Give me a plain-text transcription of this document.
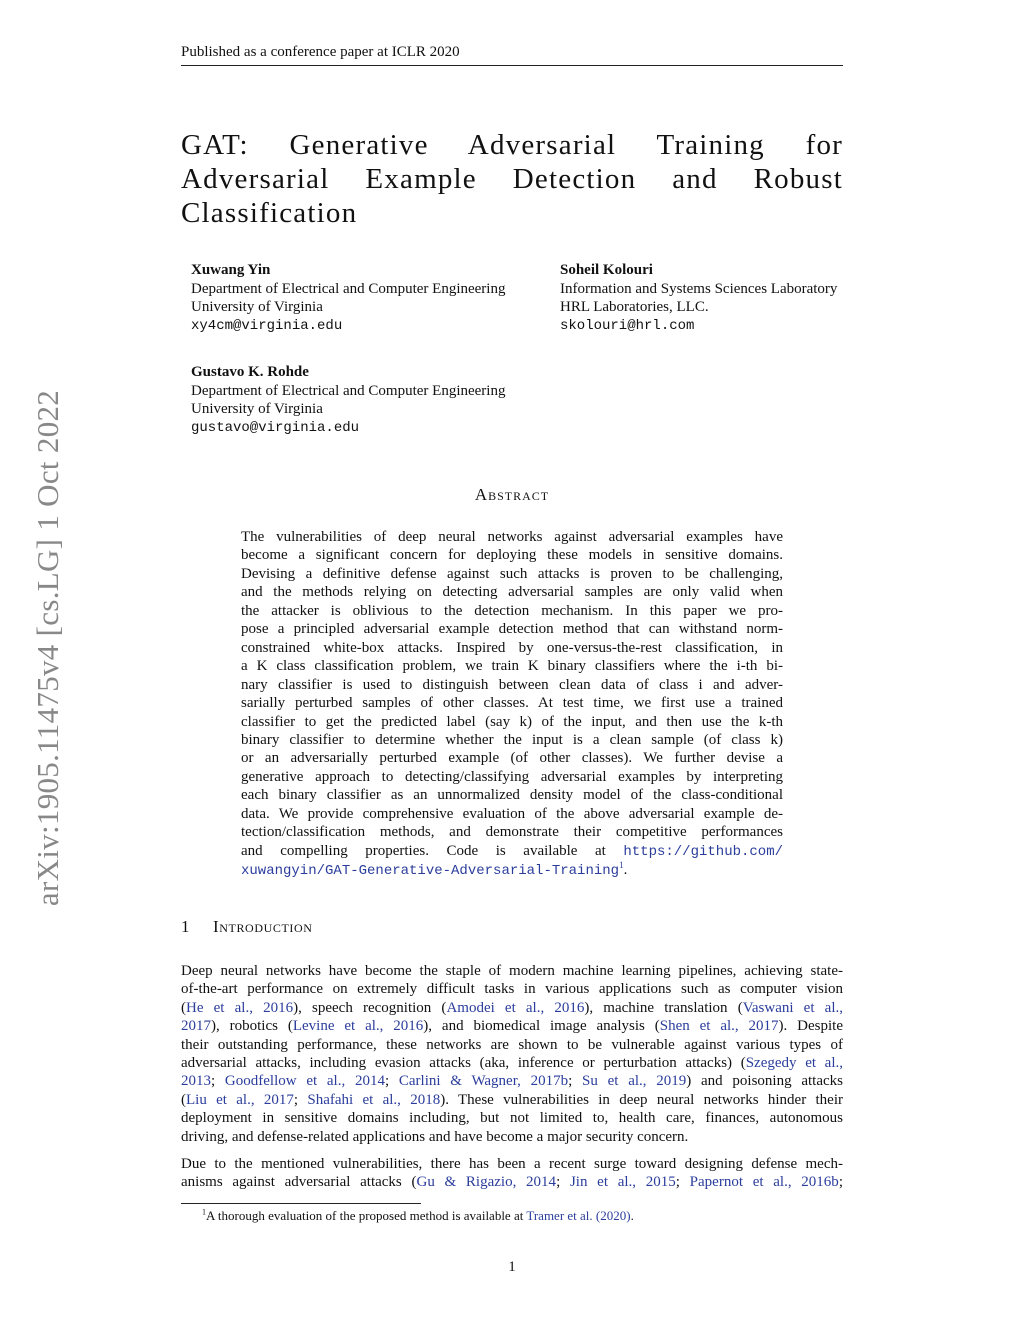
Published as a conference paper at ICLR 2020
arXiv:1905.11475v4 [cs.LG] 1 Oct 2022
GAT: Generative Adversarial Training for
Adversarial Example Detection and Robust
Classification
Xuwang Yin
Department of Electrical and Computer Engineering
University of Virginia
xy4cm@virginia.edu
Soheil Kolouri
Information and Systems Sciences Laboratory
HRL Laboratories, LLC.
skolouri@hrl.com
Gustavo K. Rohde
Department of Electrical and Computer Engineering
University of Virginia
gustavo@virginia.edu
Abstract
The vulnerabilities of deep neural networks against adversarial examples have
become a significant concern for deploying these models in sensitive domains.
Devising a definitive defense against such attacks is proven to be challenging,
and the methods relying on detecting adversarial samples are only valid when
the attacker is oblivious to the detection mechanism. In this paper we pro-
pose a principled adversarial example detection method that can withstand norm-
constrained white-box attacks. Inspired by one-versus-the-rest classification, in
a K class classification problem, we train K binary classifiers where the i-th bi-
nary classifier is used to distinguish between clean data of class i and adver-
sarially perturbed samples of other classes. At test time, we first use a trained
classifier to get the predicted label (say k) of the input, and then use the k-th
binary classifier to determine whether the input is a clean sample (of class k)
or an adversarially perturbed example (of other classes). We further devise a
generative approach to detecting/classifying adversarial examples by interpreting
each binary classifier as an unnormalized density model of the class-conditional
data. We provide comprehensive evaluation of the above adversarial example de-
tection/classification methods, and demonstrate their competitive performances
and compelling properties. Code is available at https://github.com/
xuwangyin/GAT-Generative-Adversarial-Training$^1$.
1 Introduction
Deep neural networks have become the staple of modern machine learning pipelines, achieving state-
of-the-art performance on extremely difficult tasks in various applications such as computer vision
(He et al., 2016), speech recognition (Amodei et al., 2016), machine translation (Vaswani et al.,
2017), robotics (Levine et al., 2016), and biomedical image analysis (Shen et al., 2017). Despite
their outstanding performance, these networks are shown to be vulnerable against various types of
adversarial attacks, including evasion attacks (aka, inference or perturbation attacks) (Szegedy et al.,
2013; Goodfellow et al., 2014; Carlini & Wagner, 2017b; Su et al., 2019) and poisoning attacks
(Liu et al., 2017; Shafahi et al., 2018). These vulnerabilities in deep neural networks hinder their
deployment in sensitive domains including, but not limited to, health care, finances, autonomous
driving, and defense-related applications and have become a major security concern.
Due to the mentioned vulnerabilities, there has been a recent surge toward designing defense mech-
anisms against adversarial attacks (Gu & Rigazio, 2014; Jin et al., 2015; Papernot et al., 2016b;
$^1$A thorough evaluation of the proposed method is available at Tramer et al. (2020).
1
